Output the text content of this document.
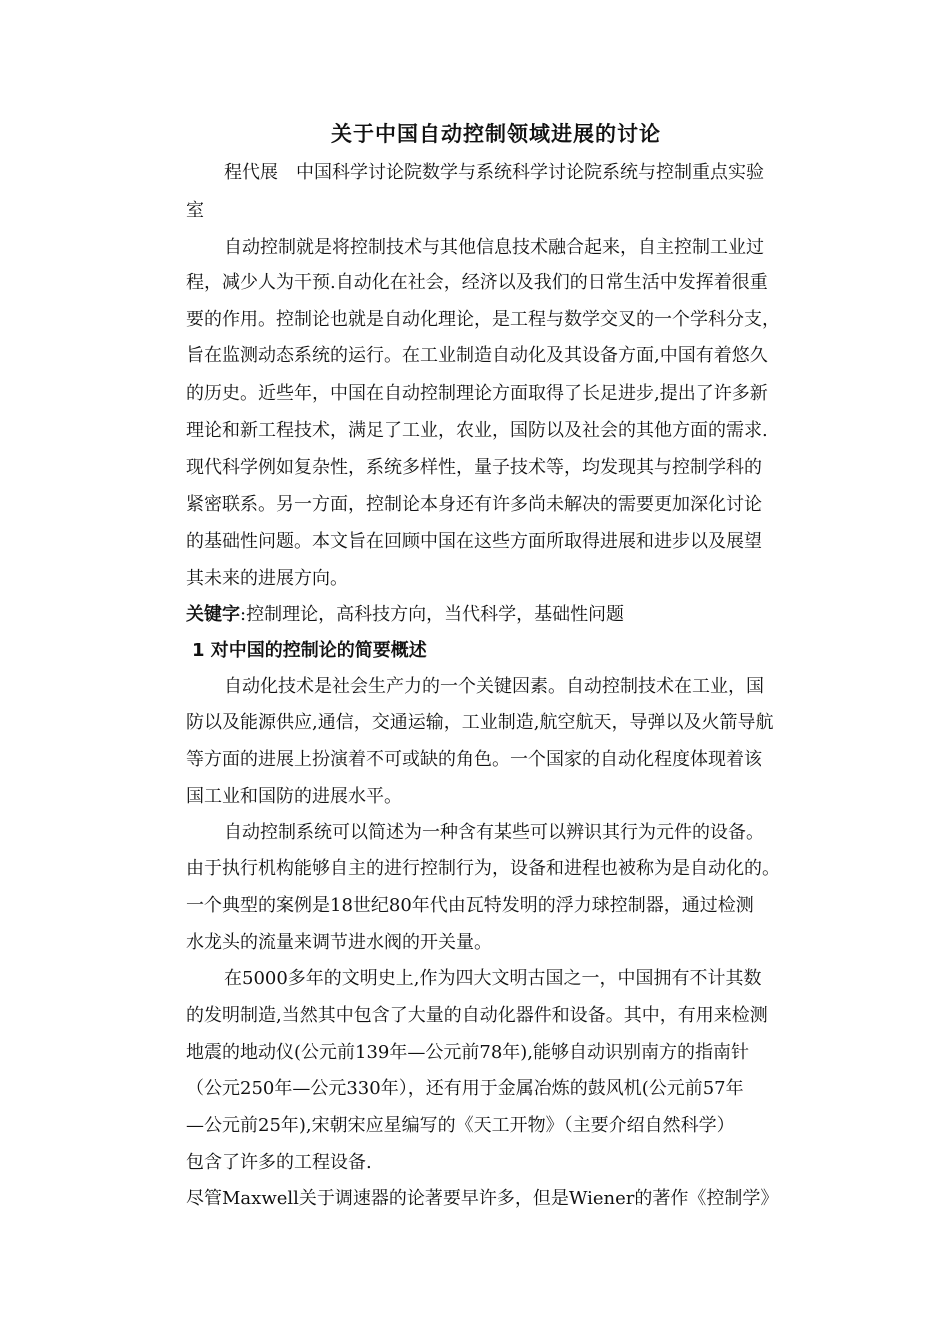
关于中国自动控制领域进展的讨论
程代展　中国科学讨论院数学与系统科学讨论院系统与控制重点实验
室
自动控制就是将控制技术与其他信息技术融合起来，自主控制工业过
程，减少人为干预.自动化在社会，经济以及我们的日常生活中发挥着很重
要的作用。控制论也就是自动化理论，是工程与数学交叉的一个学科分支，
旨在监测动态系统的运行。在工业制造自动化及其设备方面,中国有着悠久
的历史。近些年，中国在自动控制理论方面取得了长足进步,提出了许多新
理论和新工程技术，满足了工业，农业，国防以及社会的其他方面的需求.
现代科学例如复杂性，系统多样性，量子技术等，均发现其与控制学科的
紧密联系。另一方面，控制论本身还有许多尚未解决的需要更加深化讨论
的基础性问题。本文旨在回顾中国在这些方面所取得进展和进步以及展望
其未来的进展方向。
关键字:控制理论，高科技方向，当代科学，基础性问题
1 对中国的控制论的简要概述
自动化技术是社会生产力的一个关键因素。自动控制技术在工业，国
防以及能源供应,通信，交通运输，工业制造,航空航天，导弹以及火箭导航
等方面的进展上扮演着不可或缺的角色。一个国家的自动化程度体现着该
国工业和国防的进展水平。
自动控制系统可以简述为一种含有某些可以辨识其行为元件的设备。
由于执行机构能够自主的进行控制行为，设备和进程也被称为是自动化的。
一个典型的案例是18世纪80年代由瓦特发明的浮力球控制器，通过检测
水龙头的流量来调节进水阀的开关量。
在5000多年的文明史上,作为四大文明古国之一，中国拥有不计其数
的发明制造,当然其中包含了大量的自动化器件和设备。其中，有用来检测
地震的地动仪(公元前139年—公元前78年),能够自动识别南方的指南针
（公元250年—公元330年），还有用于金属冶炼的鼓风机(公元前57年
—公元前25年),宋朝宋应星编写的《天工开物》（主要介绍自然科学）
包含了许多的工程设备.
尽管Maxwell关于调速器的论著要早许多，但是Wiener的著作《控制学》
